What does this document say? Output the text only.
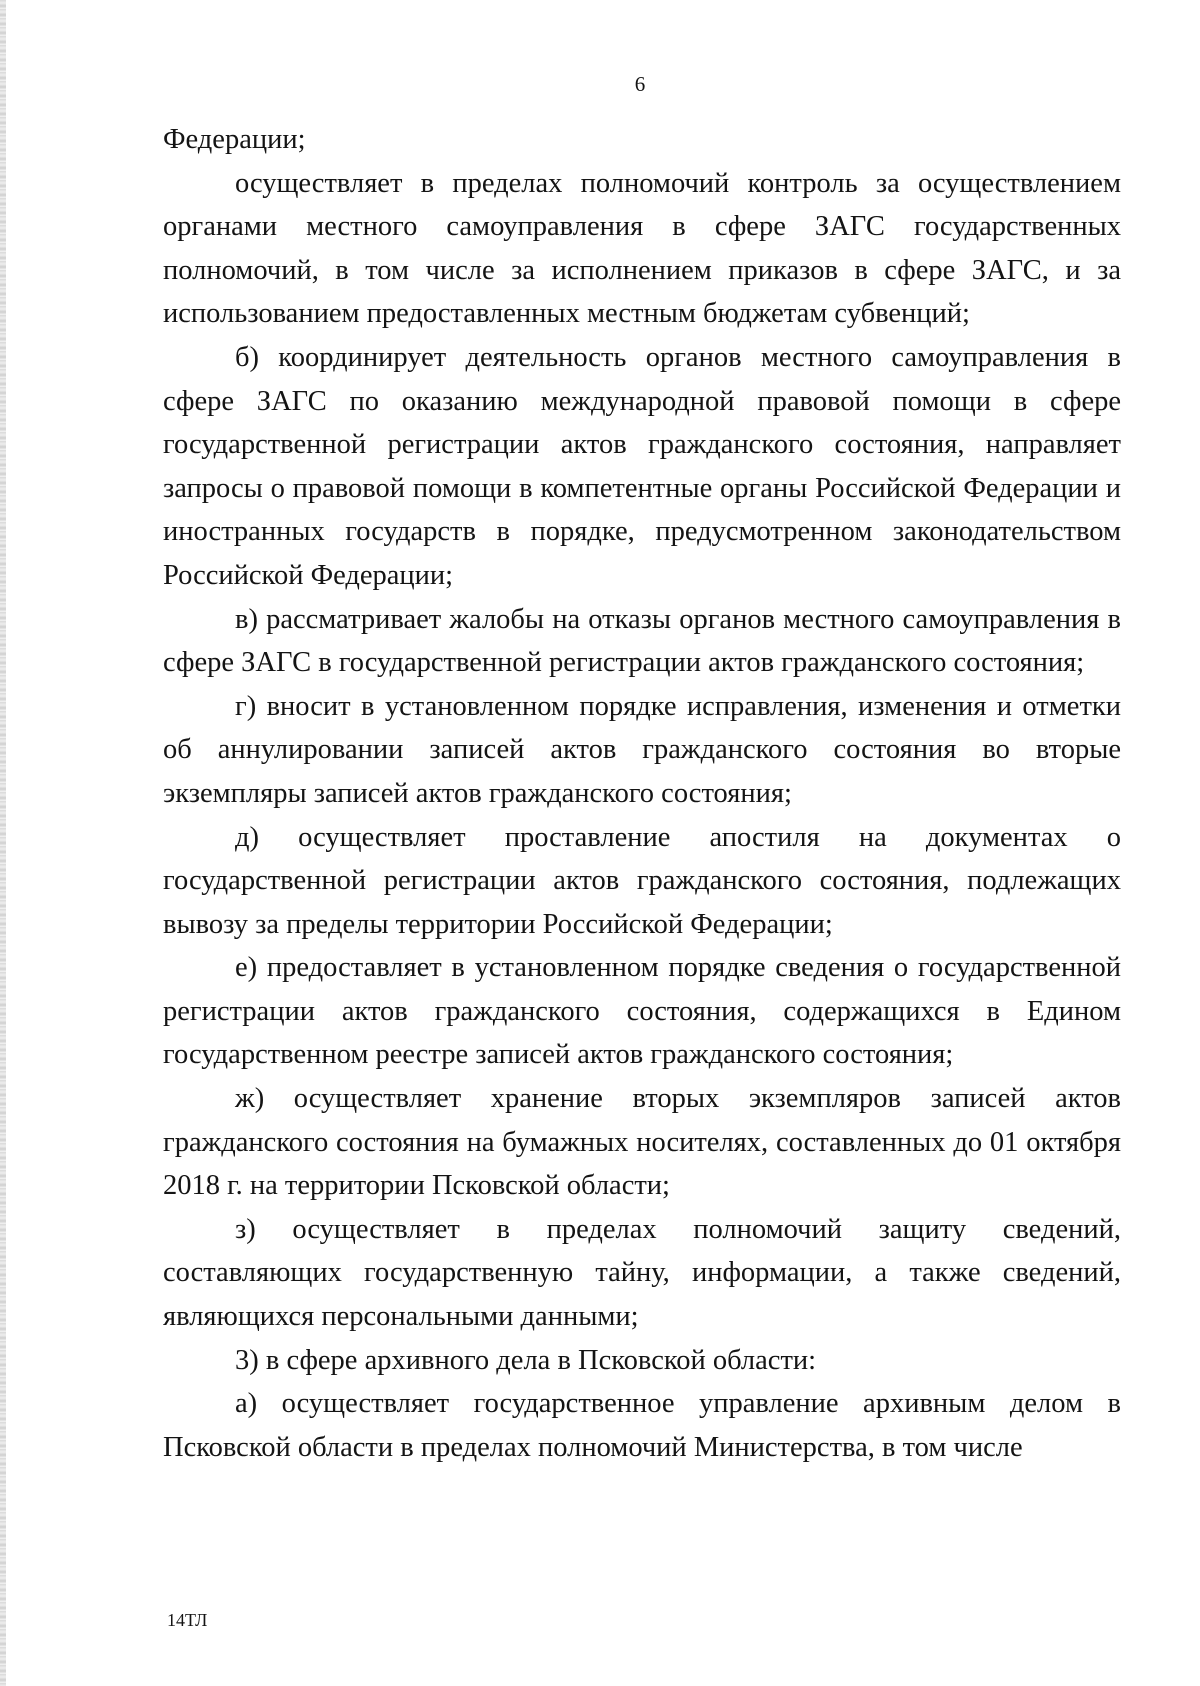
6

Федерации;

осуществляет в пределах полномочий контроль за осуществлением органами местного самоуправления в сфере ЗАГС государственных полномочий, в том числе за исполнением приказов в сфере ЗАГС, и за использованием предоставленных местным бюджетам субвенций;

б) координирует деятельность органов местного самоуправления в сфере ЗАГС по оказанию международной правовой помощи в сфере государственной регистрации актов гражданского состояния, направляет запросы о правовой помощи в компетентные органы Российской Федерации и иностранных государств в порядке, предусмотренном законодательством Российской Федерации;

в) рассматривает жалобы на отказы органов местного самоуправления в сфере ЗАГС в государственной регистрации актов гражданского состояния;

г) вносит в установленном порядке исправления, изменения и отметки об аннулировании записей актов гражданского состояния во вторые экземпляры записей актов гражданского состояния;

д) осуществляет проставление апостиля на документах о государственной регистрации актов гражданского состояния, подлежащих вывозу за пределы территории Российской Федерации;

е) предоставляет в установленном порядке сведения о государственной регистрации актов гражданского состояния, содержащихся в Едином государственном реестре записей актов гражданского состояния;

ж) осуществляет хранение вторых экземпляров записей актов гражданского состояния на бумажных носителях, составленных до 01 октября 2018 г. на территории Псковской области;

з) осуществляет в пределах полномочий защиту сведений, составляющих государственную тайну, информации, а также сведений, являющихся персональными данными;

3) в сфере архивного дела в Псковской области:

а) осуществляет государственное управление архивным делом в Псковской области в пределах полномочий Министерства, в том числе

14ТЛ
